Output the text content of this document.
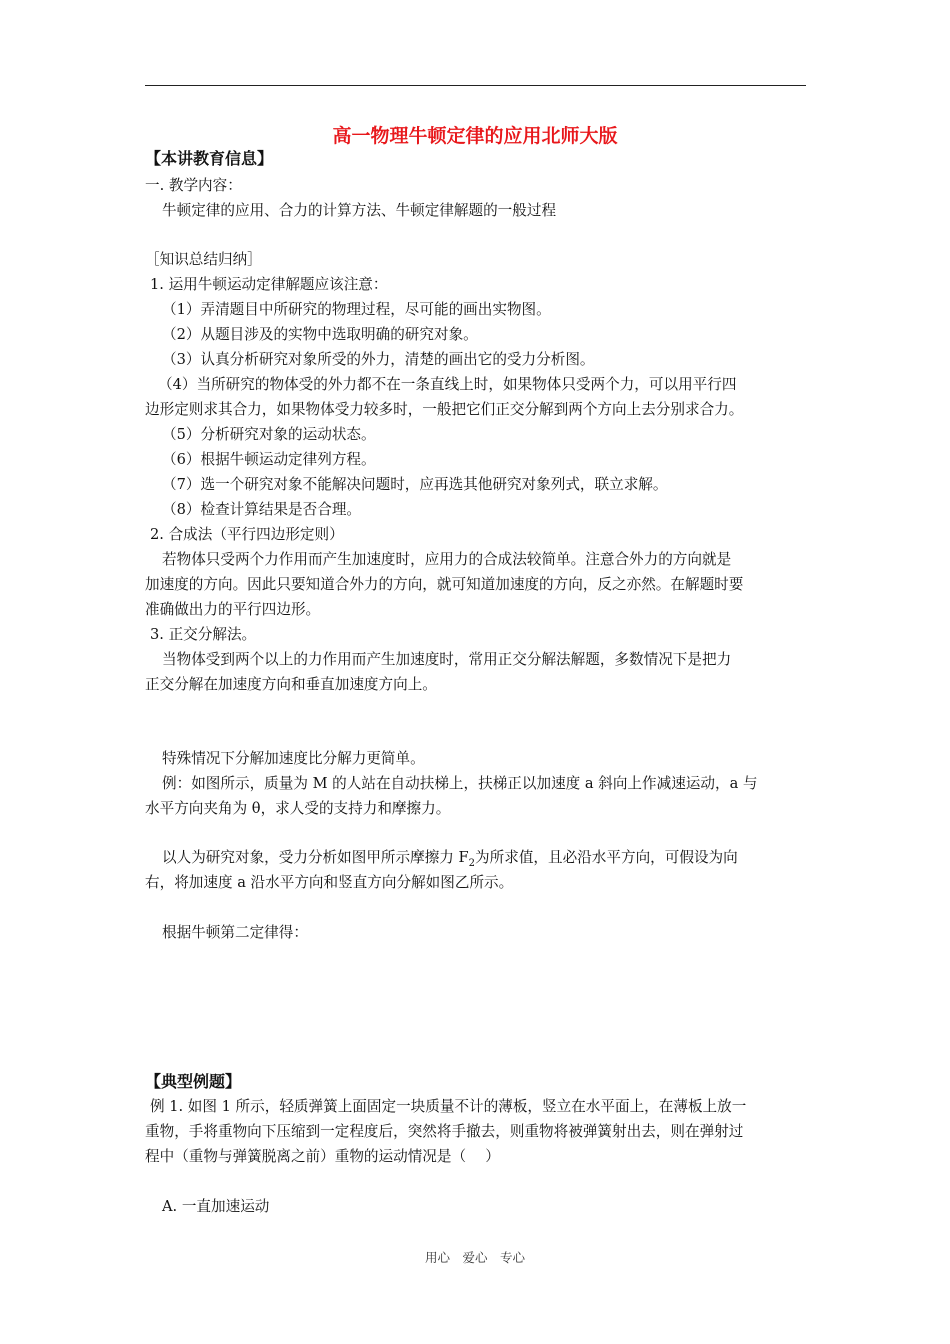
高一物理牛顿定律的应用北师大版
【本讲教育信息】
一. 教学内容：
牛顿定律的应用、合力的计算方法、牛顿定律解题的一般过程
［知识总结归纳］
1. 运用牛顿运动定律解题应该注意：
（1）弄清题目中所研究的物理过程，尽可能的画出实物图。
（2）从题目涉及的实物中选取明确的研究对象。
（3）认真分析研究对象所受的外力，清楚的画出它的受力分析图。
（4）当所研究的物体受的外力都不在一条直线上时，如果物体只受两个力，可以用平行四
边形定则求其合力，如果物体受力较多时，一般把它们正交分解到两个方向上去分别求合力。
（5）分析研究对象的运动状态。
（6）根据牛顿运动定律列方程。
（7）选一个研究对象不能解决问题时，应再选其他研究对象列式，联立求解。
（8）检查计算结果是否合理。
2. 合成法（平行四边形定则）
若物体只受两个力作用而产生加速度时，应用力的合成法较简单。注意合外力的方向就是
加速度的方向。因此只要知道合外力的方向，就可知道加速度的方向，反之亦然。在解题时要
准确做出力的平行四边形。
3. 正交分解法。
当物体受到两个以上的力作用而产生加速度时，常用正交分解法解题，多数情况下是把力
正交分解在加速度方向和垂直加速度方向上。
特殊情况下分解加速度比分解力更简单。
例：如图所示，质量为 M 的人站在自动扶梯上，扶梯正以加速度 a 斜向上作减速运动，a 与
水平方向夹角为 θ，求人受的支持力和摩擦力。
以人为研究对象，受力分析如图甲所示摩擦力 $F_2$为所求值，且必沿水平方向，可假设为向
右，将加速度 a 沿水平方向和竖直方向分解如图乙所示。
根据牛顿第二定律得：
【典型例题】
例 1. 如图 1 所示，轻质弹簧上面固定一块质量不计的薄板，竖立在水平面上，在薄板上放一
重物，手将重物向下压缩到一定程度后，突然将手撤去，则重物将被弹簧射出去，则在弹射过
程中（重物与弹簧脱离之前）重物的运动情况是（　 ）
A. 一直加速运动
用心　爱心　专心
